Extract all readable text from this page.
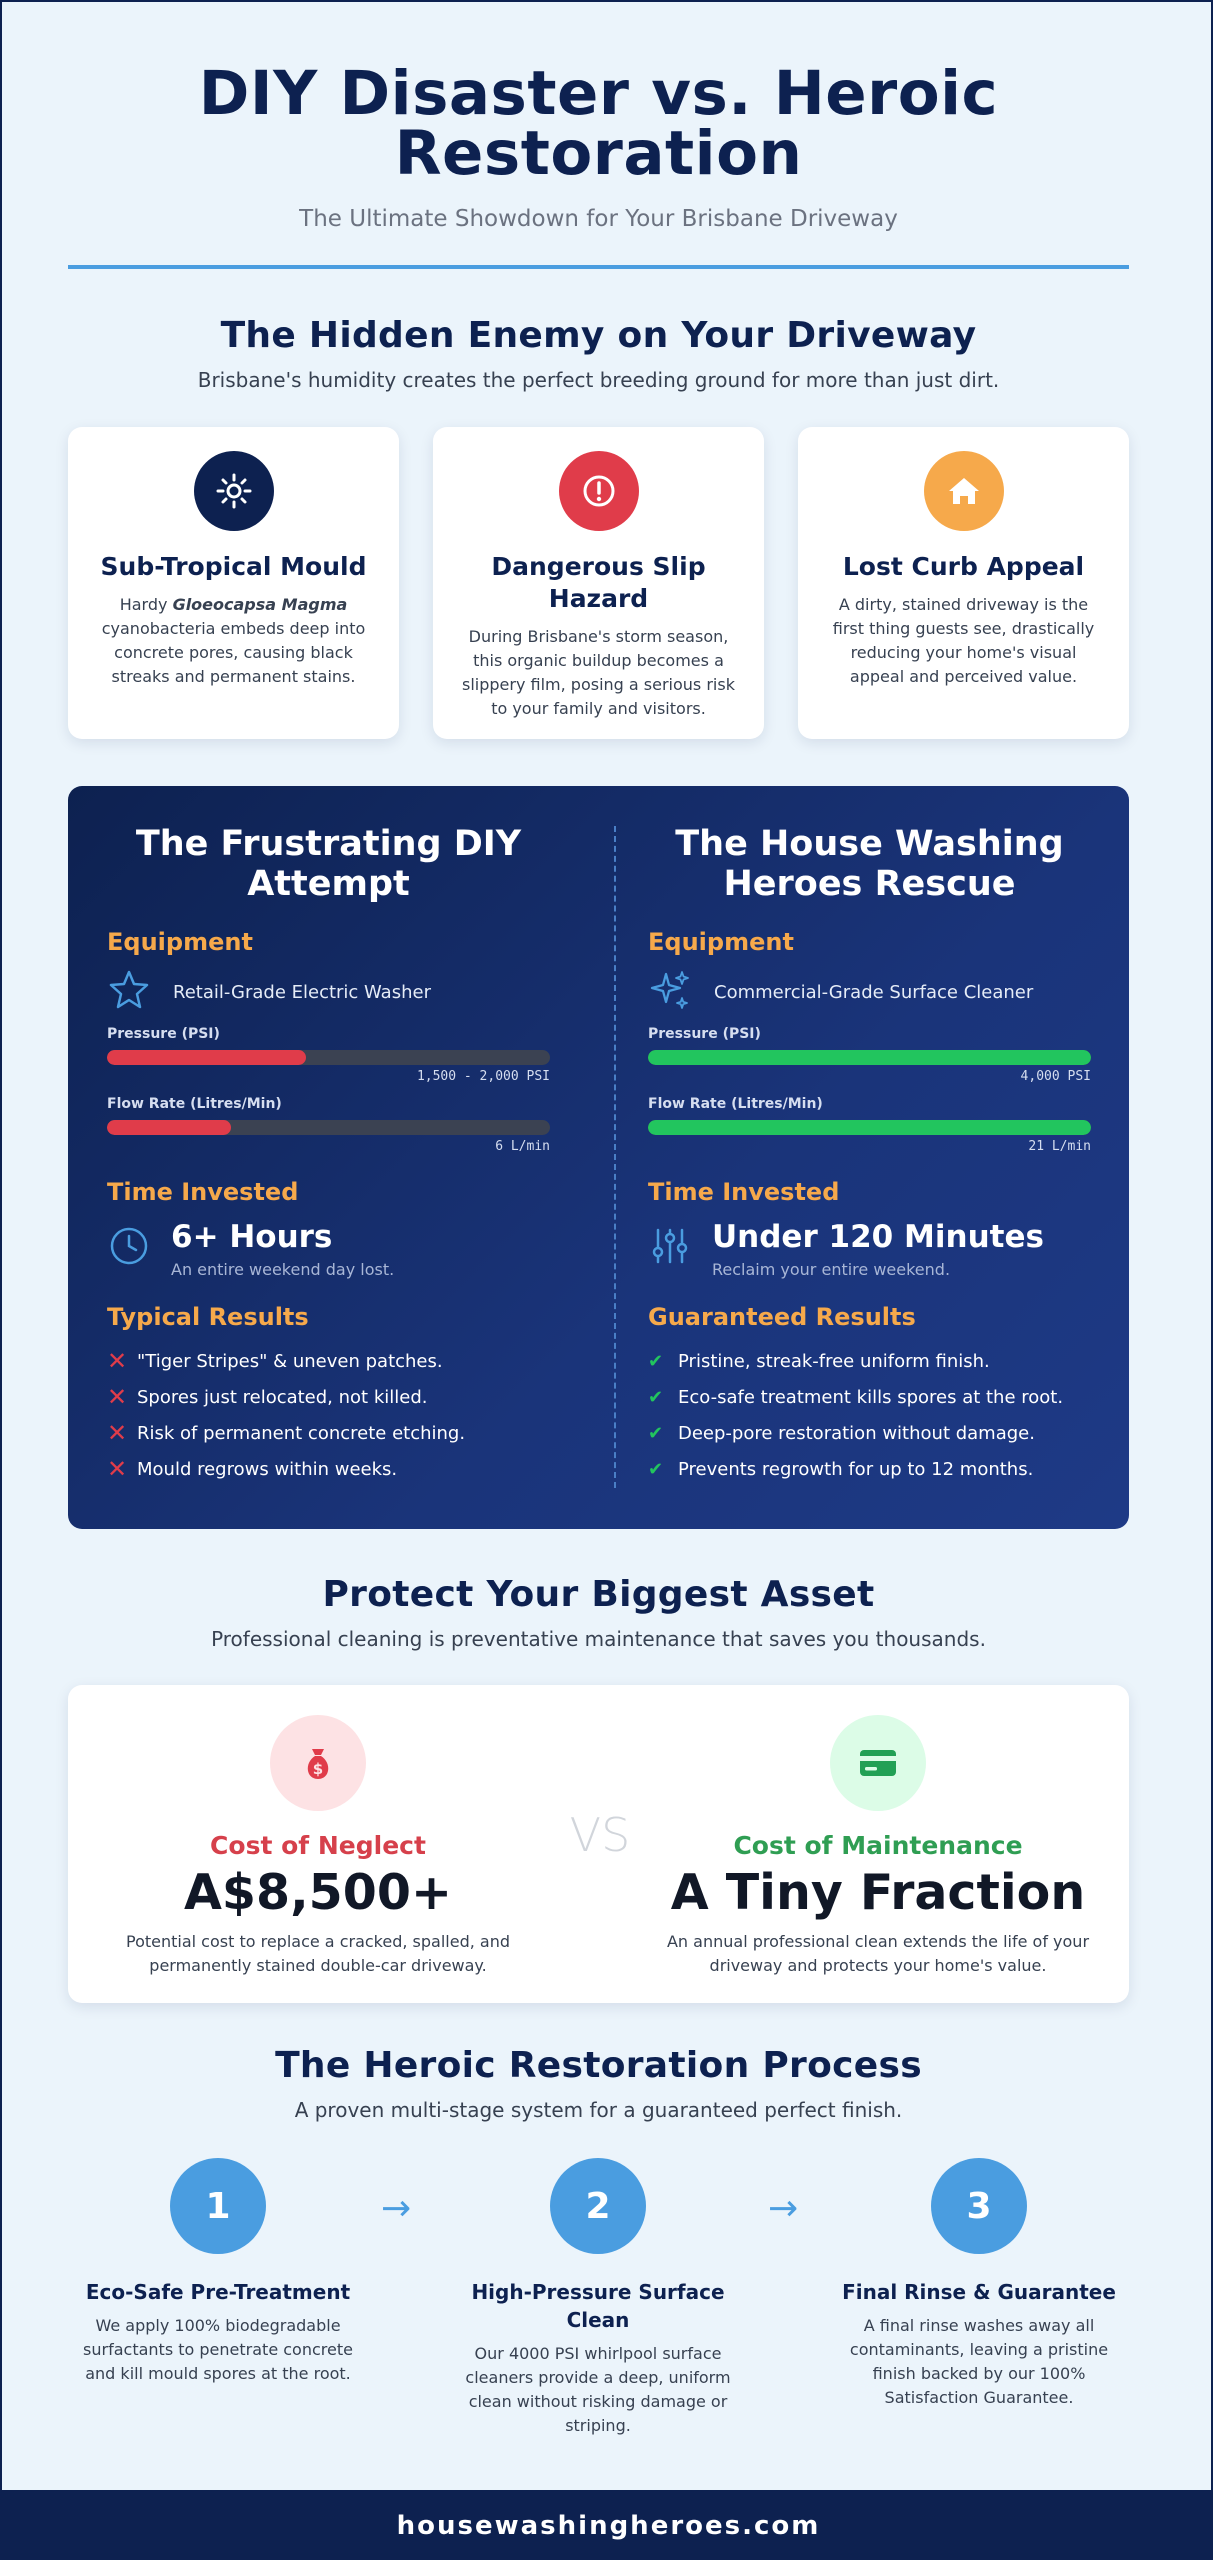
DIY Disaster vs. Heroic
Restoration
The Ultimate Showdown for Your Brisbane Driveway
The Hidden Enemy on Your Driveway
Brisbane's humidity creates the perfect breeding ground for more than just dirt.
Sub-Tropical Mould
Hardy Gloeocapsa Magma cyanobacteria embeds deep into concrete pores, causing black streaks and permanent stains.
Dangerous Slip Hazard
During Brisbane's storm season, this organic buildup becomes a slippery film, posing a serious risk to your family and visitors.
Lost Curb Appeal
A dirty, stained driveway is the first thing guests see, drastically reducing your home's visual appeal and perceived value.
The Frustrating DIY Attempt
Equipment
Retail-Grade Electric Washer
Pressure (PSI)
1,500 - 2,000 PSI
Flow Rate (Litres/Min)
6 L/min
Time Invested
6+ Hours
An entire weekend day lost.
Typical Results
✕ "Tiger Stripes" & uneven patches.
✕ Spores just relocated, not killed.
✕ Risk of permanent concrete etching.
✕ Mould regrows within weeks.
The House Washing Heroes Rescue
Equipment
Commercial-Grade Surface Cleaner
Pressure (PSI)
4,000 PSI
Flow Rate (Litres/Min)
21 L/min
Time Invested
Under 120 Minutes
Reclaim your entire weekend.
Guaranteed Results
✔ Pristine, streak-free uniform finish.
✔ Eco-safe treatment kills spores at the root.
✔ Deep-pore restoration without damage.
✔ Prevents regrowth for up to 12 months.
Protect Your Biggest Asset
Professional cleaning is preventative maintenance that saves you thousands.
$
Cost of Neglect
A$8,500+
Potential cost to replace a cracked, spalled, and permanently stained double-car driveway.
VS	Cost of Maintenance
A Tiny Fraction
An annual professional clean extends the life of your driveway and protects your home's value.
The Heroic Restoration Process
A proven multi-stage system for a guaranteed perfect finish.
1
Eco-Safe Pre-Treatment
We apply 100% biodegradable surfactants to penetrate concrete and kill mould spores at the root.
→	2
High-Pressure Surface Clean
Our 4000 PSI whirlpool surface cleaners provide a deep, uniform clean without risking damage or striping.
→	3
Final Rinse & Guarantee
A final rinse washes away all contaminants, leaving a pristine finish backed by our 100% Satisfaction Guarantee.
housewashingheroes.com
